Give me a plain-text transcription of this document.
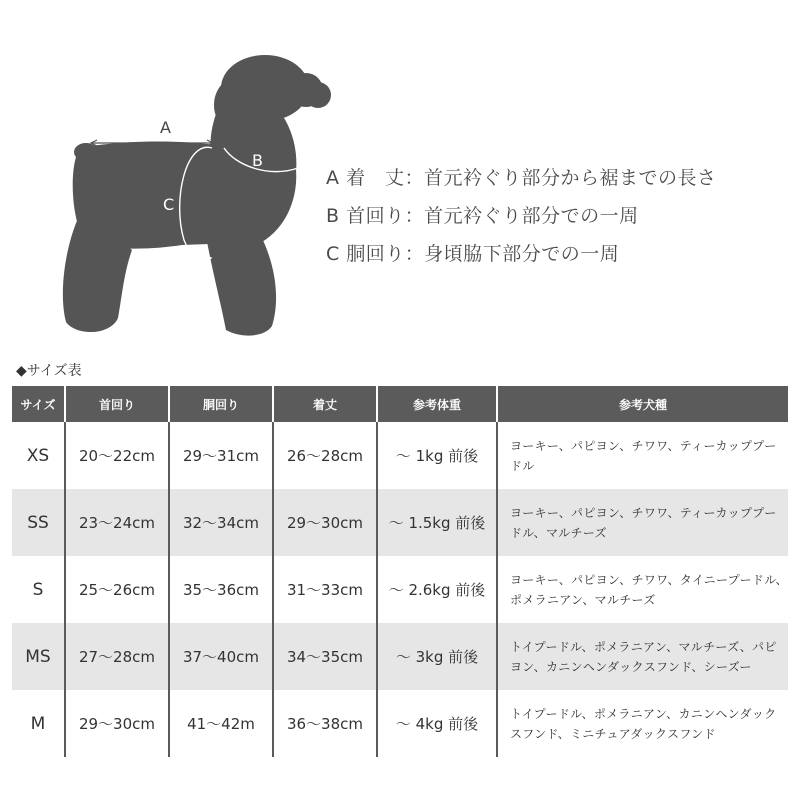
A
B
C
A 着　丈：首元衿ぐり部分から裾までの長さ
B 首回り：首元衿ぐり部分での一周
C 胴回り：身頃脇下部分での一周
◆サイズ表
サイズ	首回り	胴回り	着丈	参考体重	参考犬種
XS	20～22cm	29～31cm	26～28cm	～ 1kg 前後	ヨーキー、パピヨン、チワワ、ティーカッププードル
SS	23～24cm	32～34cm	29～30cm	～ 1.5kg 前後	ヨーキー、パピヨン、チワワ、ティーカッププードル、マルチーズ
S	25～26cm	35～36cm	31～33cm	～ 2.6kg 前後	ヨーキー、パピヨン、チワワ、タイニープードル、ポメラニアン、マルチーズ
MS	27～28cm	37～40cm	34～35cm	～ 3kg 前後	トイプードル、ポメラニアン、マルチーズ、パピヨン、カニンヘンダックスフンド、シーズー
M	29～30cm	41～42m	36～38cm	～ 4kg 前後	トイプードル、ポメラニアン、カニンヘンダックスフンド、ミニチュアダックスフンド
